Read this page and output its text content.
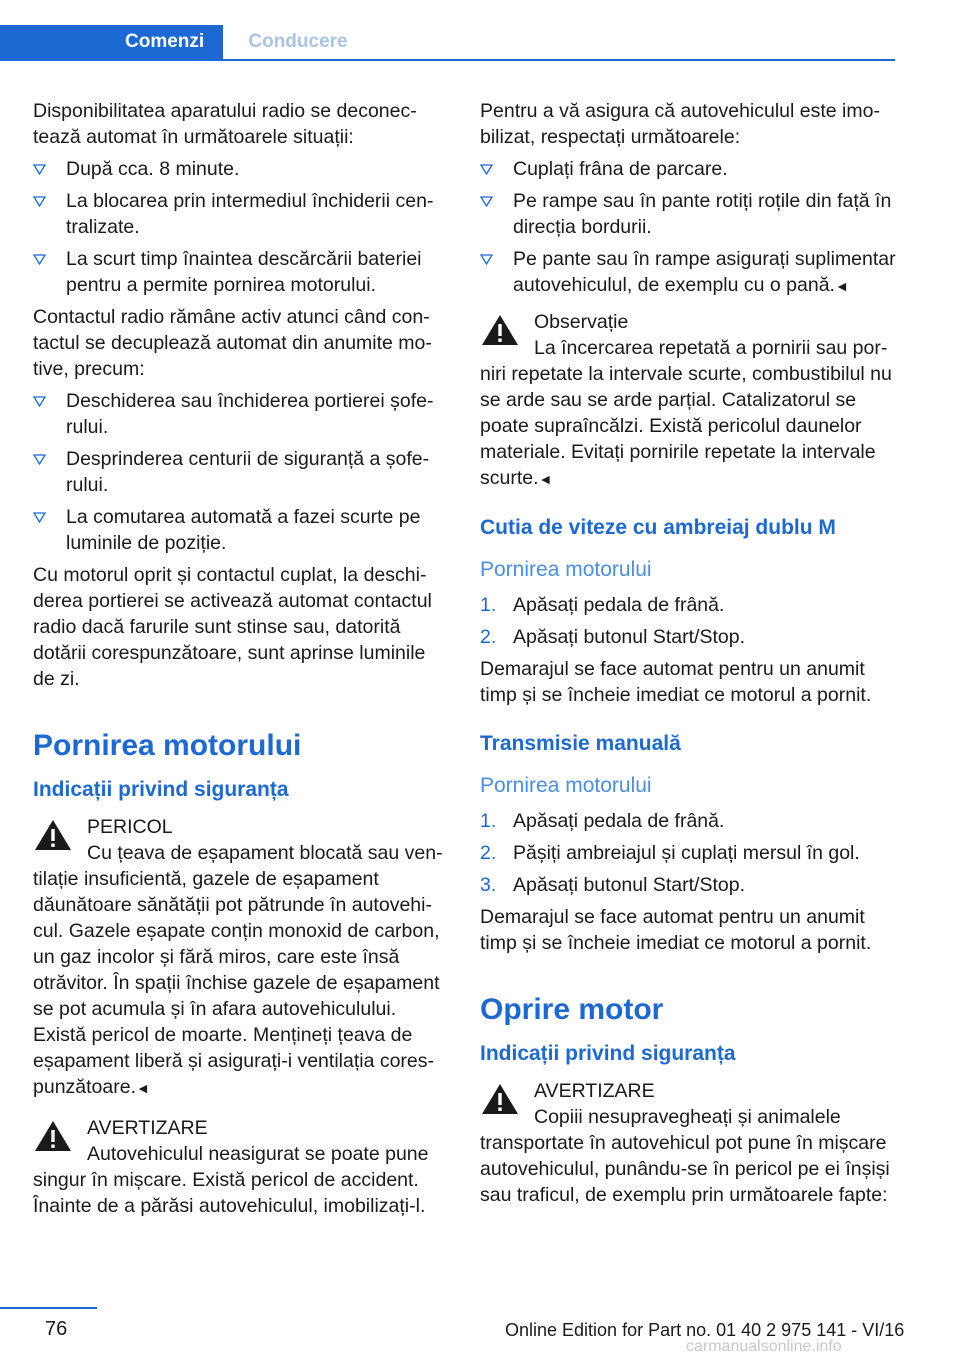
Comenzi	Conducere

Disponibilitatea aparatului radio se deconectează automat în următoarele situații:

După cca. 8 minute.
La blocarea prin intermediul închiderii centralizate.
La scurt timp înaintea descărcării bateriei pentru a permite pornirea motorului.

Contactul radio rămâne activ atunci când contactul se decuplează automat din anumite motive, precum:

Deschiderea sau închiderea portierei șoferului.
Desprinderea centurii de siguranță a șoferului.
La comutarea automată a fazei scurte pe luminile de poziție.

Cu motorul oprit și contactul cuplat, la deschiderea portierei se activează automat contactul radio dacă farurile sunt stinse sau, datorită dotării corespunzătoare, sunt aprinse luminile de zi.

Pornirea motorului
Indicații privind siguranța
PERICOL
Cu țeava de eșapament blocată sau ventilație insuficientă, gazele de eșapament dăunătoare sănătății pot pătrunde în autovehicul. Gazele eșapate conțin monoxid de carbon, un gaz incolor și fără miros, care este însă otrăvitor. În spații închise gazele de eșapament se pot acumula și în afara autovehiculului. Există pericol de moarte. Mențineți țeava de eșapament liberă și asigurați-i ventilația corespunzătoare.◄
AVERTIZARE
Autovehiculul neasigurat se poate pune singur în mișcare. Există pericol de accident. Înainte de a părăsi autovehiculul, imobilizați-l.

Pentru a vă asigura că autovehiculul este imobilizat, respectați următoarele:

Cuplați frâna de parcare.
Pe rampe sau în pante rotiți roțile din față în direcția bordurii.
Pe pante sau în rampe asigurați suplimentar autovehiculul, de exemplu cu o pană.◄
Observație
La încercarea repetată a pornirii sau porniri repetate la intervale scurte, combustibilul nu se arde sau se arde parțial. Catalizatorul se poate supraîncălzi. Există pericolul daunelor materiale. Evitați pornirile repetate la intervale scurte.◄
Cutia de viteze cu ambreiaj dublu M
Pornirea motorului
1. Apăsați pedala de frână.
2. Apăsați butonul Start/Stop.

Demarajul se face automat pentru un anumit timp și se încheie imediat ce motorul a pornit.

Transmisie manuală
Pornirea motorului
1. Apăsați pedala de frână.
2. Pășiți ambreiajul și cuplați mersul în gol.
3. Apăsați butonul Start/Stop.

Demarajul se face automat pentru un anumit timp și se încheie imediat ce motorul a pornit.

Oprire motor
Indicații privind siguranța
AVERTIZARE
Copiii nesupravegheați și animalele transportate în autovehicul pot pune în mișcare autovehiculul, punându-se în pericol pe ei înșiși sau traficul, de exemplu prin următoarele fapte:
76	Online Edition for Part no. 01 40 2 975 141 - VI/16
carmanualsonline.info
